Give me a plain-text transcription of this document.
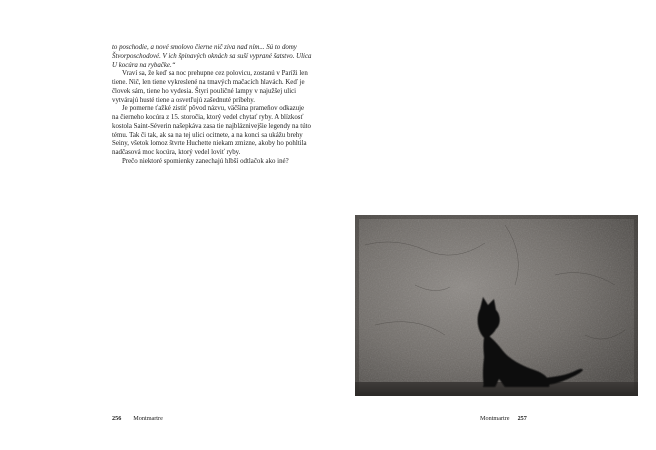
to poschodie, a nové smolovo čierne nič ziva nad ním... Sú to domy Štvorposchodové. V ich špinavých oknách sa suší vyprané šatstvo. Ulica U kocúra na rybačke.“

Vraví sa, že keď sa noc prehupne cez polovicu, zostanú v Paríži len tiene. Nič, len tiene vykreslené na tmavých mačacích hlavách. Keď je človek sám, tiene ho vydesia. Štyri pouličné lampy v najužšej ulici vytvárajú husté tiene a osvetľujú zašednuté príbehy.

Je pomerne ťažké zistiť pôvod názvu, väčšina prameňov odkazuje na čierneho kocúra z 15. storočia, ktorý vedel chytať ryby. A blízkosť kostola Saint-Séverin našepkáva zasa tie najbláznivejšie legendy na túto tému. Tak či tak, ak sa na tej ulici ocitnete, a na konci sa ukážu brehy Seiny, všetok lomoz štvrte Huchette niekam zmizne, akoby ho pohltila nadčasová moc kocúra, ktorý vedel loviť ryby.

Prečo niektoré spomienky zanechajú hlbší odtlačok ako iné?

256 Montmartre	Montmartre 257
